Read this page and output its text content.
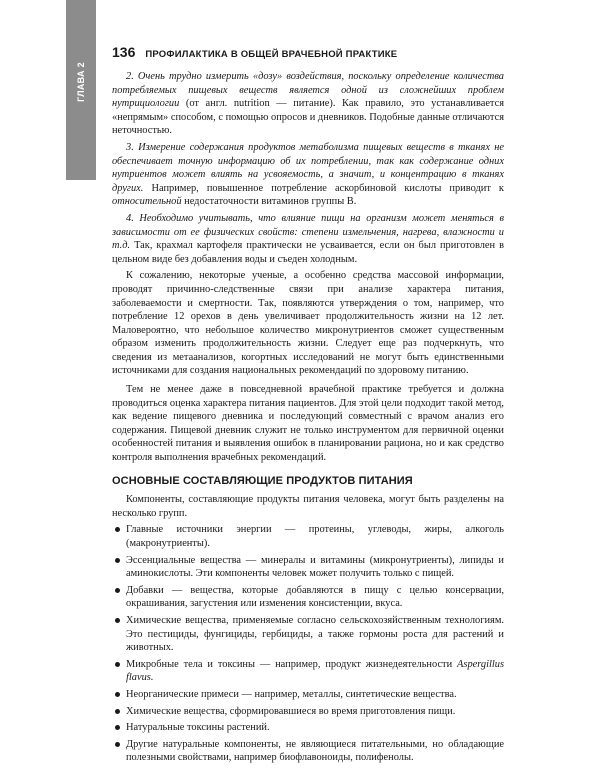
ГЛАВА 2
136 ПРОФИЛАКТИКА В ОБЩЕЙ ВРАЧЕБНОЙ ПРАКТИКЕ

2. Очень трудно измерить «дозу» воздействия, поскольку определение количества потребляемых пищевых веществ является одной из сложнейших проблем нутрициологии (от англ. nutrition — питание). Как правило, это устанавливается «непрямым» способом, с помощью опросов и дневников. Подобные данные отличаются неточностью.

3. Измерение содержания продуктов метаболизма пищевых веществ в тканях не обеспечивает точную информацию об их потреблении, так как содержание одних нутриентов может влиять на усвояемость, а значит, и концентрацию в тканях других. Например, повышенное потребление аскорбиновой кислоты приводит к относительной недостаточности витаминов группы В.

4. Необходимо учитывать, что влияние пищи на организм может меняться в зависимости от ее физических свойств: степени измельчения, нагрева, влажности и т.д. Так, крахмал картофеля практически не усваивается, если он был приготовлен в цельном виде без добавления воды и съеден холодным.

К сожалению, некоторые ученые, а особенно средства массовой информации, проводят причинно-следственные связи при анализе характера питания, заболеваемости и смертности. Так, появляются утверждения о том, например, что потребление 12 орехов в день увеличивает продолжительность жизни на 12 лет. Маловероятно, что небольшое количество микронутриентов сможет существенным образом изменить продолжительность жизни. Следует еще раз подчеркнуть, что сведения из метаанализов, когортных исследований не могут быть единственными источниками для создания национальных рекомендаций по здоровому питанию.

Тем не менее даже в повседневной врачебной практике требуется и должна проводиться оценка характера питания пациентов. Для этой цели подходит такой метод, как ведение пищевого дневника и последующий совместный с врачом анализ его содержания. Пищевой дневник служит не только инструментом для первичной оценки особенностей питания и выявления ошибок в планировании рациона, но и как средство контроля выполнения врачебных рекомендаций.

ОСНОВНЫЕ СОСТАВЛЯЮЩИЕ ПРОДУКТОВ ПИТАНИЯ

Компоненты, составляющие продукты питания человека, могут быть разделены на несколько групп.

Главные источники энергии — протеины, углеводы, жиры, алкоголь (макронутриенты).
Эссенциальные вещества — минералы и витамины (микронутриенты), липиды и аминокислоты. Эти компоненты человек может получить только с пищей.
Добавки — вещества, которые добавляются в пищу с целью консервации, окрашивания, загустения или изменения консистенции, вкуса.
Химические вещества, применяемые согласно сельскохозяйственным технологиям. Это пестициды, фунгициды, гербициды, а также гормоны роста для растений и животных.
Микробные тела и токсины — например, продукт жизнедеятельности Aspergillus flavus.
Неорганические примеси — например, металлы, синтетические вещества.
Химические вещества, сформировавшиеся во время приготовления пищи.
Натуральные токсины растений.
Другие натуральные компоненты, не являющиеся питательными, но обладающие полезными свойствами, например биофлавоноиды, полифенолы.
